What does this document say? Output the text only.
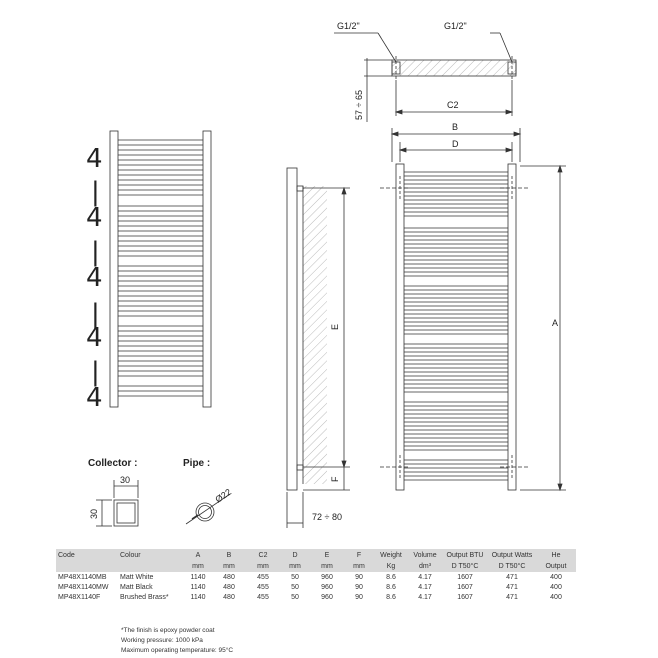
G1/2"	G1/2"
57 ÷ 65	C2
4
|
4
|
4
|
4
|
4
E
F
72 ÷ 80
B
D
A
Collector :
30
30
Pipe :
Ø22
Code	Colour	A	B	C2	D	E	F	Weight	Volume	Output BTU	Output Watts	He
		mm	mm	mm	mm	mm	mm	Kg	dm³	D T50°C	D T50°C	Output
MP48X1140MB	Matt White	1140	480	455	50	960	90	8.6	4.17	1607	471	400
MP48X1140MW	Matt Black	1140	480	455	50	960	90	8.6	4.17	1607	471	400
MP48X1140F	Brushed Brass*	1140	480	455	50	960	90	8.6	4.17	1607	471	400
*The finish is epoxy powder coat
Working pressure: 1000 kPa
Maximum operating temperature: 95°C
